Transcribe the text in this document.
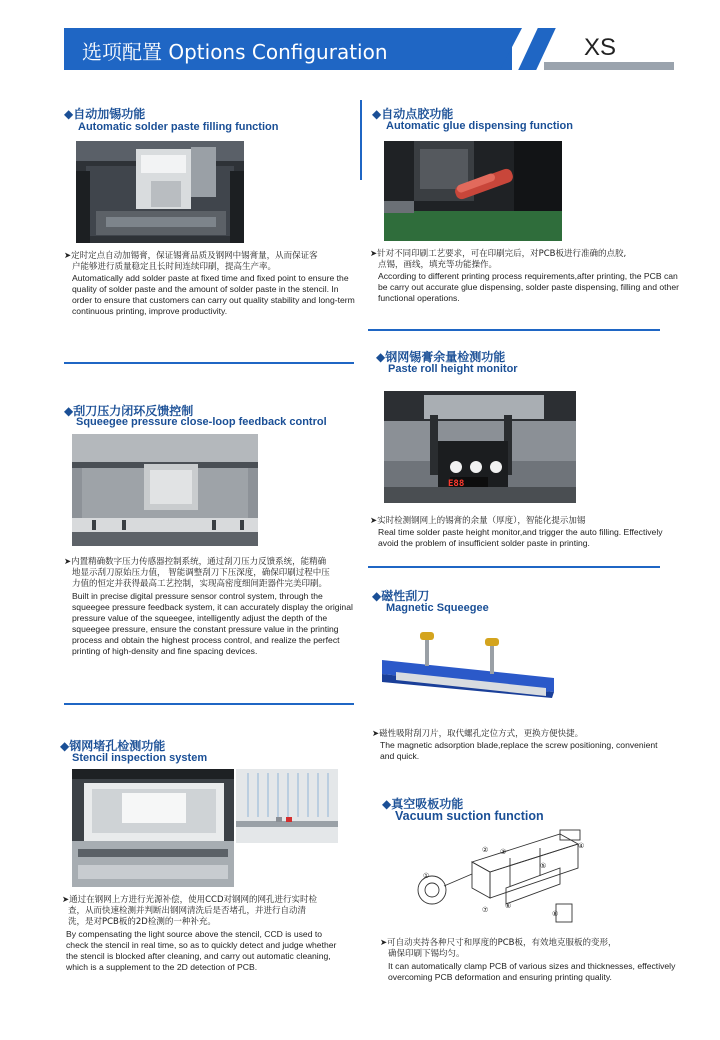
选项配置 Options Configuration	XS
◆自动加锡功能
Automatic solder paste filling function
➤定时定点自动加锡膏，保证锡膏品质及钢网中锡膏量，从而保证客
户能够进行质量稳定且长时间连续印刷，提高生产率。
Automatically add solder paste at fixed time and fixed point to ensure the quality of solder paste and the amount of solder paste in the stencil. In order to ensure that customers can carry out quality stability and long-term continuous printing, improve productivity.
◆刮刀压力闭环反馈控制
Squeegee pressure close-loop feedback control
➤内置精确数字压力传感器控制系统，通过刮刀压力反馈系统，能精确
地显示刮刀原始压力值， 智能调整刮刀下压深度，确保印刷过程中压
力值的恒定并获得最高工艺控制，实现高密度细间距器件完美印刷。
Built in precise digital pressure sensor control system, through the squeegee pressure feedback system, it can accurately display the original pressure value of the squeegee, intelligently adjust the depth of the squeegee pressure, ensure the constant pressure value in the printing process and obtain the highest process control, and realize the perfect printing of high-density and fine spacing devices.
◆钢网堵孔检测功能
Stencil inspection system
➤通过在钢网上方进行光源补偿，使用CCD对钢网的网孔进行实时检
查，从而快速检测并判断出钢网清洗后是否堵孔，并进行自动清
洗，是对PCB板的2D检测的一种补充。
By compensating the light source above the stencil, CCD is used to check the stencil in real time, so as to quickly detect and judge whether the stencil is blocked after cleaning, and carry out automatic cleaning, which is a supplement to the 2D detection of PCB.
◆自动点胶功能
Automatic glue dispensing function
➤针对不同印刷工艺要求，可在印刷完后，对PCB板进行准确的点胶,
点锡，画线，填充等功能操作。
According to different printing process requirements,after printing, the PCB can be carry out accurate glue dispensing, solder paste dispensing, filling and other functional operations.
◆钢网锡膏余量检测功能
Paste roll height monitor
E88
➤实时检测钢网上的锡膏的余量（厚度），智能化提示加锡
Real time solder paste height monitor,and trigger the auto filling. Effectively avoid the problem of insufficient solder paste in printing.
◆磁性刮刀
Magnetic Squeegee
➤磁性吸附刮刀片，取代螺孔定位方式，更换方便快捷。
The magnetic adsorption blade,replace the screw positioning, convenient and quick.
◆真空吸板功能
Vacuum suction function
①
② ③
④
⑤
⑥
⑦	⑧
➤可自动夹持各种尺寸和厚度的PCB板，有效地克服板的变形，
确保印刷下锡均匀。
It can automatically clamp PCB of various sizes and thicknesses, effectively overcoming PCB deformation and ensuring printing quality.
